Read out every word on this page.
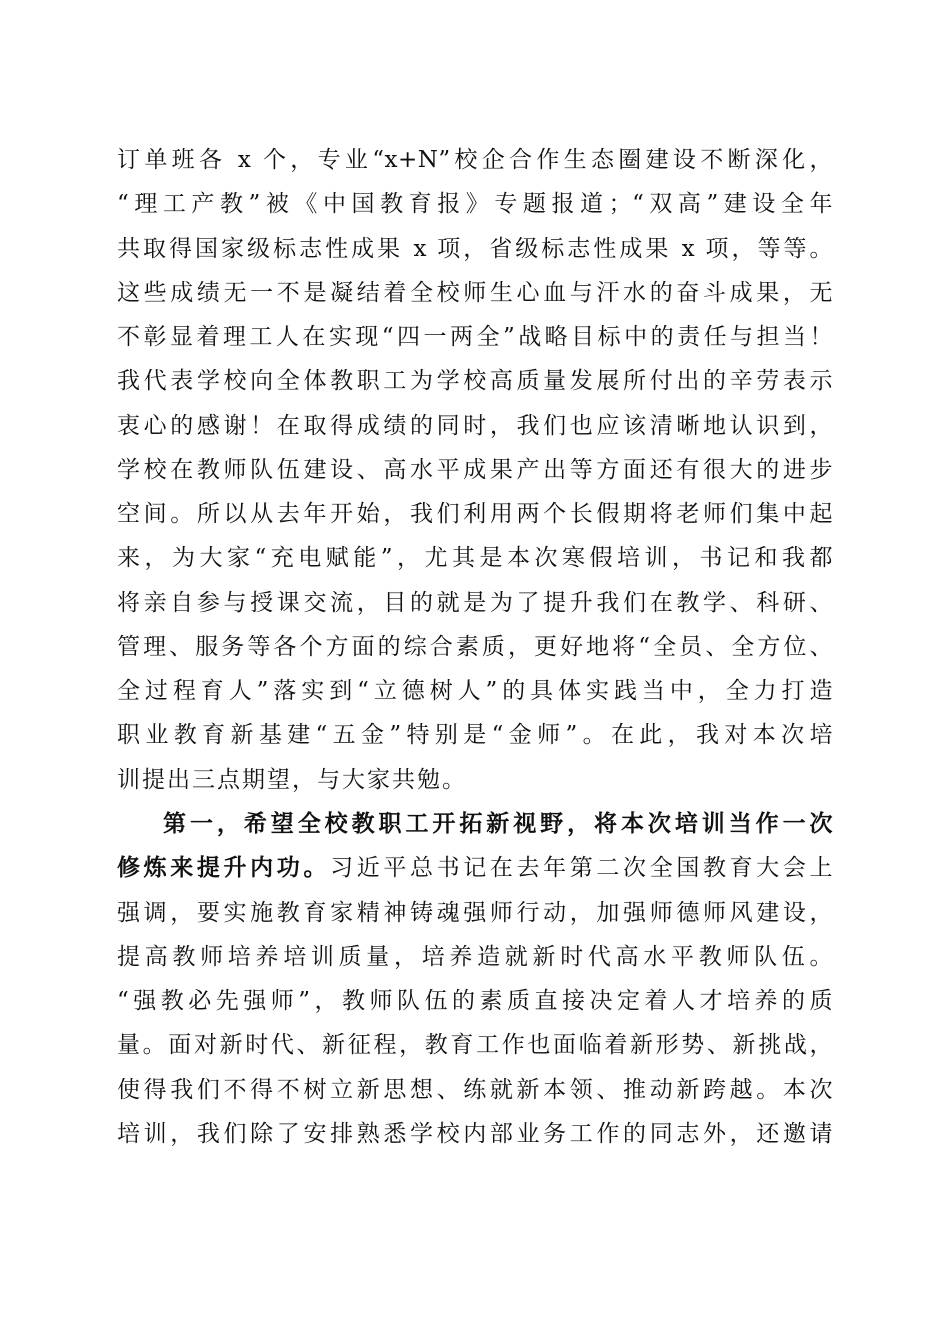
订单班各 x 个，专业“x+N”校企合作生态圈建设不断深化，
“理工产教”被《中国教育报》专题报道；“双高”建设全年
共取得国家级标志性成果 x 项，省级标志性成果 x 项，等等。
这些成绩无一不是凝结着全校师生心血与汗水的奋斗成果，无
不彰显着理工人在实现“四一两全”战略目标中的责任与担当！
我代表学校向全体教职工为学校高质量发展所付出的辛劳表示
衷心的感谢！在取得成绩的同时，我们也应该清晰地认识到，
学校在教师队伍建设、高水平成果产出等方面还有很大的进步
空间。所以从去年开始，我们利用两个长假期将老师们集中起
来，为大家“充电赋能”，尤其是本次寒假培训，书记和我都
将亲自参与授课交流，目的就是为了提升我们在教学、科研、
管理、服务等各个方面的综合素质，更好地将“全员、全方位、
全过程育人”落实到“立德树人”的具体实践当中，全力打造
职业教育新基建“五金”特别是“金师”。在此，我对本次培
训提出三点期望，与大家共勉。
第一，希望全校教职工开拓新视野，将本次培训当作一次
修炼来提升内功。习近平总书记在去年第二次全国教育大会上
强调，要实施教育家精神铸魂强师行动，加强师德师风建设，
提高教师培养培训质量，培养造就新时代高水平教师队伍。
“强教必先强师”，教师队伍的素质直接决定着人才培养的质
量。面对新时代、新征程，教育工作也面临着新形势、新挑战，
使得我们不得不树立新思想、练就新本领、推动新跨越。本次
培训，我们除了安排熟悉学校内部业务工作的同志外，还邀请
